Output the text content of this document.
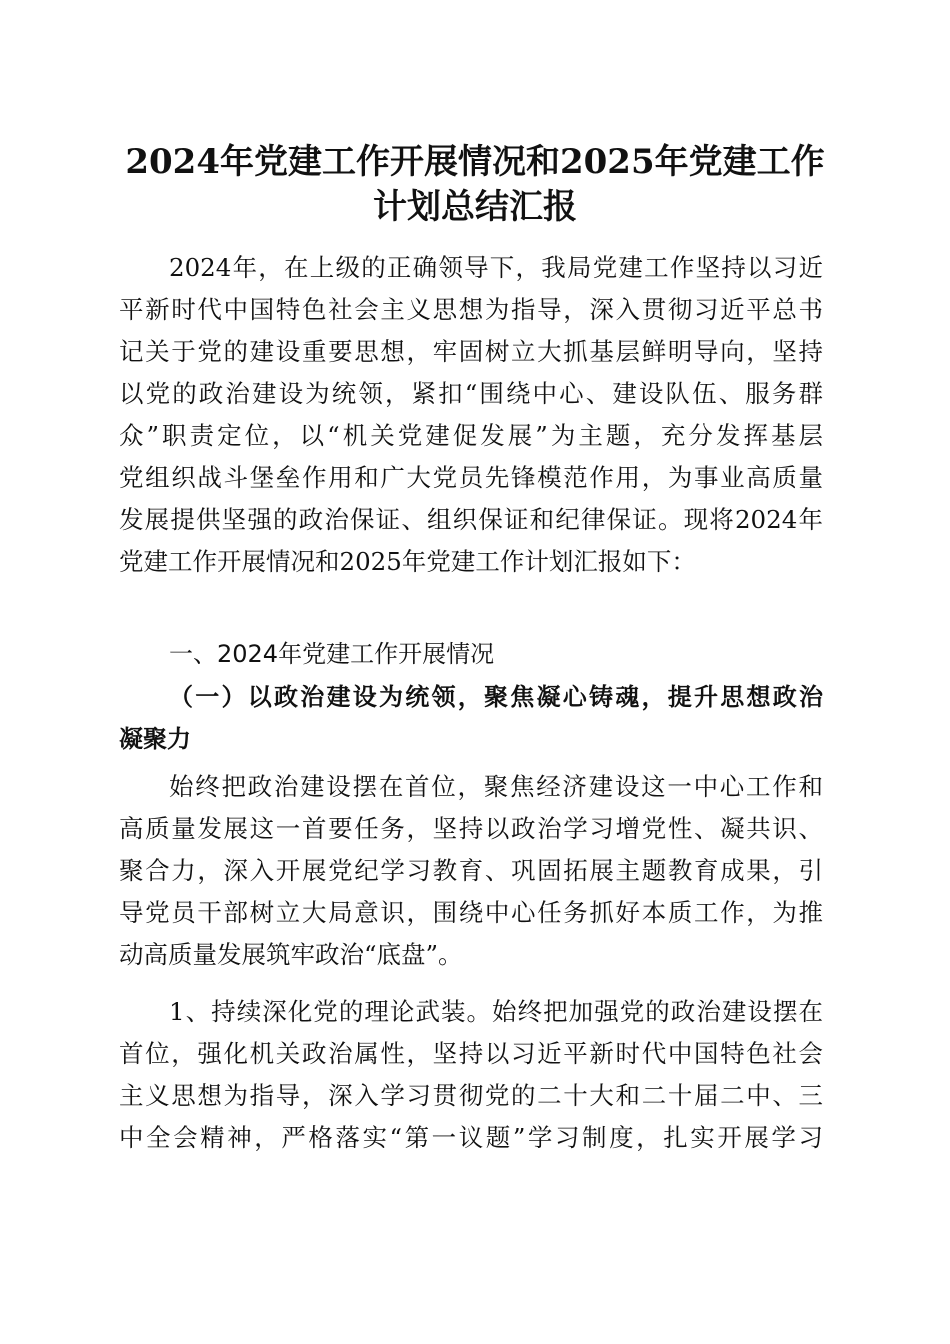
2024年党建工作开展情况和2025年党建工作
计划总结汇报
2024年，在上级的正确领导下，我局党建工作坚持以习近
平新时代中国特色社会主义思想为指导，深入贯彻习近平总书
记关于党的建设重要思想，牢固树立大抓基层鲜明导向，坚持
以党的政治建设为统领，紧扣“围绕中心、建设队伍、服务群
众”职责定位，以“机关党建促发展”为主题，充分发挥基层
党组织战斗堡垒作用和广大党员先锋模范作用，为事业高质量
发展提供坚强的政治保证、组织保证和纪律保证。现将2024年
党建工作开展情况和2025年党建工作计划汇报如下：
一、2024年党建工作开展情况
（一）以政治建设为统领，聚焦凝心铸魂，提升思想政治
凝聚力
始终把政治建设摆在首位，聚焦经济建设这一中心工作和
高质量发展这一首要任务，坚持以政治学习增党性、凝共识、
聚合力，深入开展党纪学习教育、巩固拓展主题教育成果，引
导党员干部树立大局意识，围绕中心任务抓好本质工作，为推
动高质量发展筑牢政治“底盘”。
1、持续深化党的理论武装。始终把加强党的政治建设摆在
首位，强化机关政治属性，坚持以习近平新时代中国特色社会
主义思想为指导，深入学习贯彻党的二十大和二十届二中、三
中全会精神，严格落实“第一议题”学习制度，扎实开展学习
